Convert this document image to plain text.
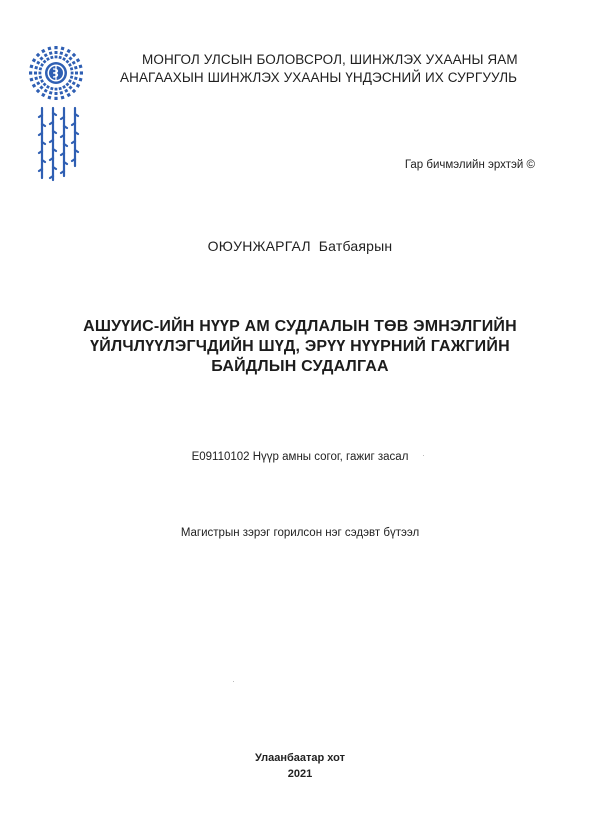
МОНГОЛ УЛСЫН БОЛОВСРОЛ, ШИНЖЛЭХ УХААНЫ ЯАМ
АНАГААХЫН ШИНЖЛЭХ УХААНЫ ҮНДЭСНИЙ ИХ СУРГУУЛЬ
Гар бичмэлийн эрхтэй ©
ОЮУНЖАРГАЛ Батбаярын
АШУҮИС-ИЙН НҮҮР АМ СУДЛАЛЫН ТӨВ ЭМНЭЛГИЙН
ҮЙЛЧЛҮҮЛЭГЧДИЙН ШҮД, ЭРҮҮ НҮҮРНИЙ ГАЖГИЙН
БАЙДЛЫН СУДАЛГАА
E09110102 Нүүр амны согог, гажиг засал
Магистрын зэрэг горилсон нэг сэдэвт бүтээл
Улаанбаатар хот
2021
